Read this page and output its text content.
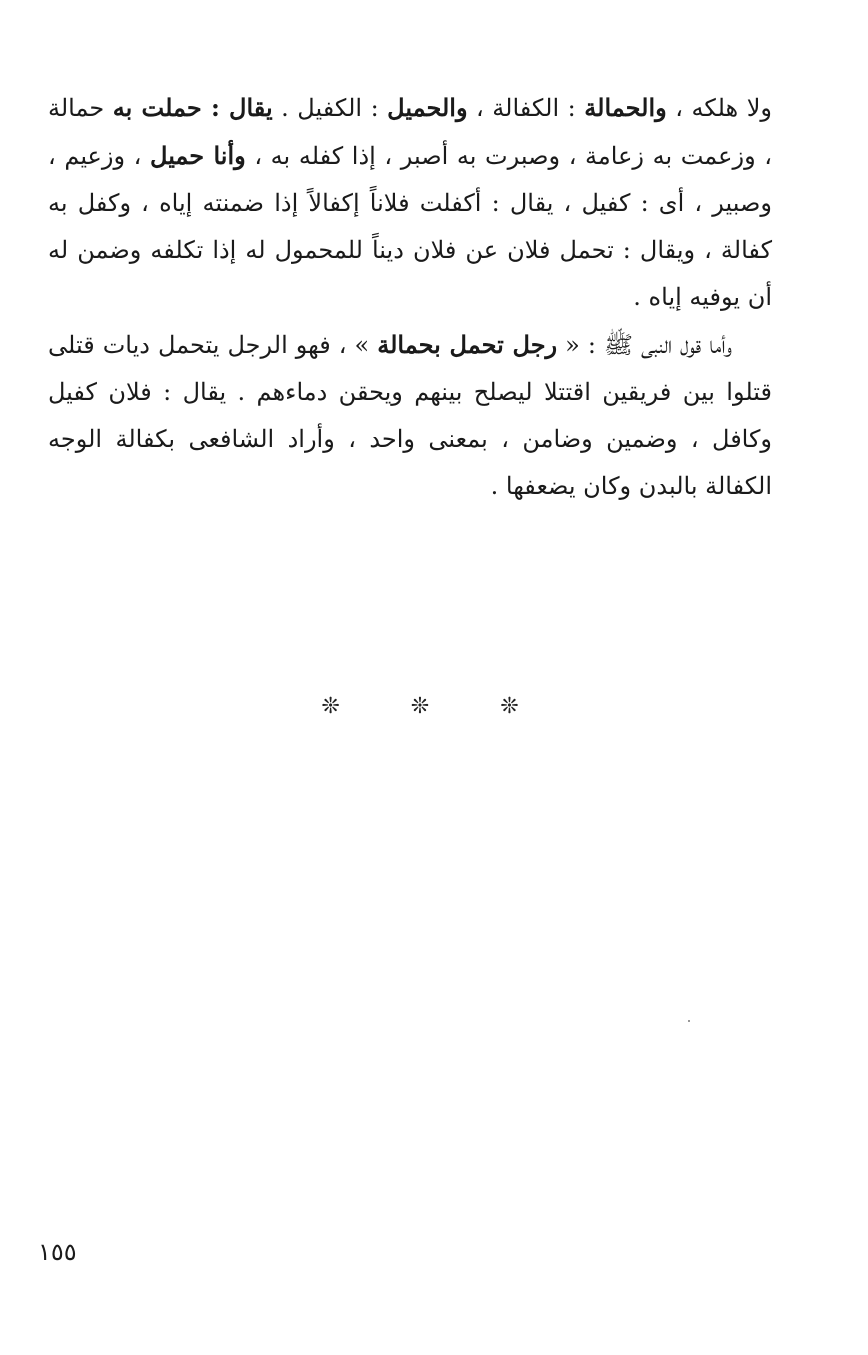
ولا هلكه ، والحمالة : الكفالة ، والحميل : الكفيل . يقال : حملت به حمالة ، وزعمت به زعامة ، وصبرت به أصبر ، إذا كفله به ، وأنا حميل ، وزعيم ، وصبير ، أى : كفيل ، يقال : أكفلت فلاناً إكفالاً إذا ضمنته إياه ، وكفل به كفالة ، ويقال : تحمل فلان عن فلان ديناً للمحمول له إذا تكلفه وضمن له أن يوفيه إياه .

وأما قول النبى ﷺ : « رجل تحمل بحمالة » ، فهو الرجل يتحمل ديات قتلى قتلوا بين فريقين اقتتلا ليصلح بينهم ويحقن دماءهم . يقال : فلان كفيل وكافل ، وضمين وضامن ، بمعنى واحد ، وأراد الشافعى بكفالة الوجه الكفالة بالبدن وكان يضعفها .

❊ ❊ ❊
١٥٥
